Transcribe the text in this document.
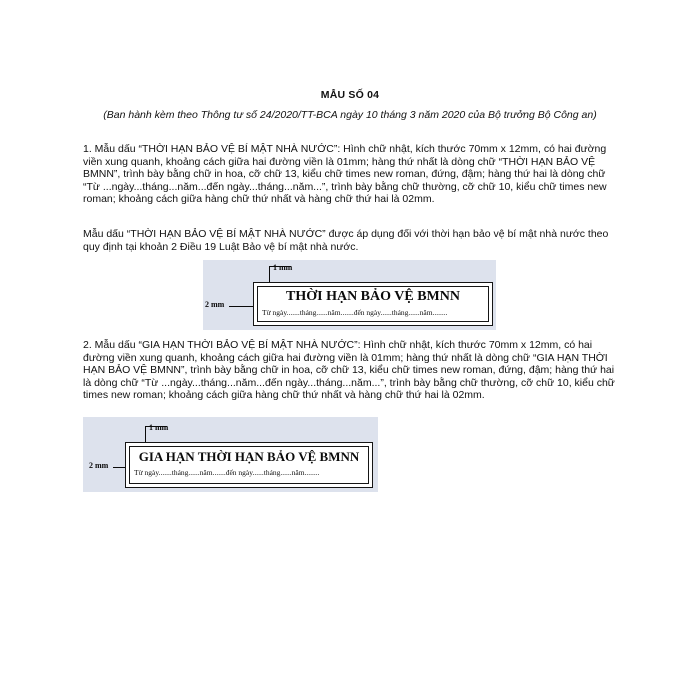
MẪU SỐ 04
(Ban hành kèm theo Thông tư số 24/2020/TT-BCA ngày 10 tháng 3 năm 2020 của Bộ trưởng Bộ Công an)
1. Mẫu dấu “THỜI HẠN BẢO VỆ BÍ MẬT NHÀ NƯỚC”: Hình chữ nhật, kích thước 70mm x 12mm, có hai đường viền xung quanh, khoảng cách giữa hai đường viền là 01mm; hàng thứ nhất là dòng chữ “THỜI HẠN BẢO VỆ BMNN”, trình bày bằng chữ in hoa, cỡ chữ 13, kiểu chữ times new roman, đứng, đậm; hàng thứ hai là dòng chữ “Từ ...ngày...tháng...năm...đến ngày...tháng...năm...”, trình bày bằng chữ thường, cỡ chữ 10, kiểu chữ times new roman; khoảng cách giữa hàng chữ thứ nhất và hàng chữ thứ hai là 02mm.
Mẫu dấu “THỜI HẠN BẢO VỆ BÍ MẬT NHÀ NƯỚC” được áp dụng đối với thời hạn bảo vệ bí mật nhà nước theo quy định tại khoản 2 Điều 19 Luật Bảo vệ bí mật nhà nước.
1 mm
2 mm
THỜI HẠN BẢO VỆ BMNN
Từ ngày.......tháng......năm.......đến ngày......tháng......năm........
2. Mẫu dấu “GIA HẠN THỜI BẢO VỆ BÍ MẬT NHÀ NƯỚC”: Hình chữ nhật, kích thước 70mm x 12mm, có hai đường viền xung quanh, khoảng cách giữa hai đường viền là 01mm; hàng thứ nhất là dòng chữ “GIA HẠN THỜI HẠN BẢO VỆ BMNN”, trình bày bằng chữ in hoa, cỡ chữ 13, kiểu chữ times new roman, đứng, đậm; hàng thứ hai là dòng chữ “Từ ...ngày...tháng...năm...đến ngày...tháng...năm...”, trình bày bằng chữ thường, cỡ chữ 10, kiểu chữ times new roman; khoảng cách giữa hàng chữ thứ nhất và hàng chữ thứ hai là 02mm.
1 mm
2 mm
GIA HẠN THỜI HẠN BẢO VỆ BMNN
Từ ngày.......tháng......năm.......đến ngày......tháng......năm........
